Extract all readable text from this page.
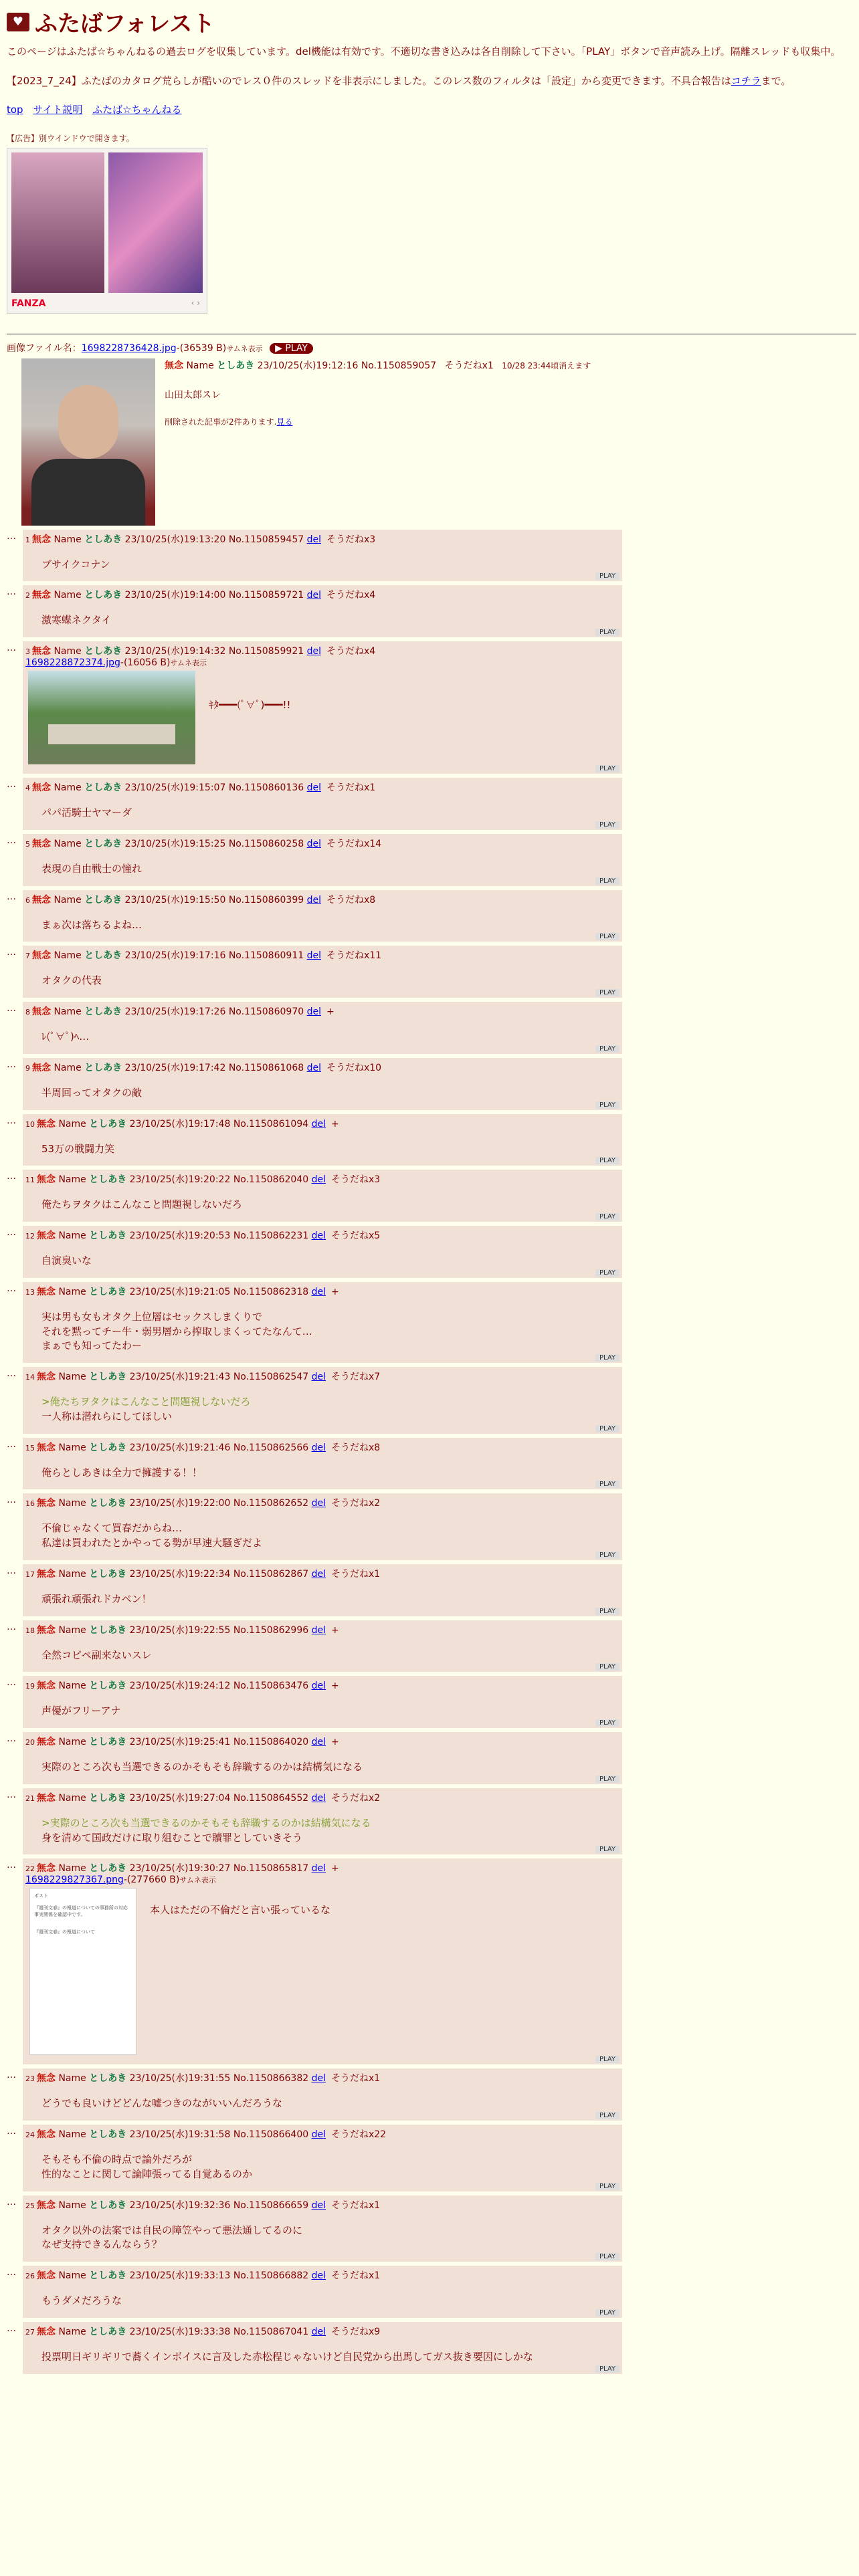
♥ ふたばフォレスト

このページはふたば☆ちゃんねるの過去ログを収集しています。del機能は有効です。不適切な書き込みは各自削除して下さい。「PLAY」ボタンで音声読み上げ。隔離スレッドも収集中。

【2023_7_24】ふたばのカタログ荒らしが酷いのでレス０件のスレッドを非表示にしました。このレス数のフィルタは「設定」から変更できます。不具合報告はコチラまで。

top サイト説明 ふたば☆ちゃんねる
【広告】別ウインドウで開きます。
FANZA	‹ ›
画像ファイル名：1698228736428.jpg-(36539 B)サムネ表示 ▶ PLAY
無念 Name としあき 23/10/25(水)19:12:16 No.1150859057 そうだねx1 10/28 23:44頃消えます
山田太郎スレ
削除された記事が2件あります.見る
…	1 無念 Name としあき 23/10/25(水)19:13:20 No.1150859457 del そうだねx3
ブサイクコナン
PLAY
…	2 無念 Name としあき 23/10/25(水)19:14:00 No.1150859721 del そうだねx4
激寒蝶ネクタイ
PLAY
…	3 無念 Name としあき 23/10/25(水)19:14:32 No.1150859921 del そうだねx4
1698228872374.jpg-(16056 B)サムネ表示
ｷﾀ━━━(ﾟ∀ﾟ)━━━!!
PLAY
…	4 無念 Name としあき 23/10/25(水)19:15:07 No.1150860136 del そうだねx1
パパ活騎士ヤマーダ
PLAY
…	5 無念 Name としあき 23/10/25(水)19:15:25 No.1150860258 del そうだねx14
表現の自由戦士の憧れ
PLAY
…	6 無念 Name としあき 23/10/25(水)19:15:50 No.1150860399 del そうだねx8
まぁ次は落ちるよね…
PLAY
…	7 無念 Name としあき 23/10/25(水)19:17:16 No.1150860911 del そうだねx11
オタクの代表
PLAY
…	8 無念 Name としあき 23/10/25(水)19:17:26 No.1150860970 del +
ﾚ(ﾟ∀ﾟ)ﾍ…
PLAY
…	9 無念 Name としあき 23/10/25(水)19:17:42 No.1150861068 del そうだねx10
半周回ってオタクの敵
PLAY
…	10 無念 Name としあき 23/10/25(水)19:17:48 No.1150861094 del +
53万の戦闘力笑
PLAY
…	11 無念 Name としあき 23/10/25(水)19:20:22 No.1150862040 del そうだねx3
俺たちヲタクはこんなこと問題視しないだろ
PLAY
…	12 無念 Name としあき 23/10/25(水)19:20:53 No.1150862231 del そうだねx5
自演臭いな
PLAY
…	13 無念 Name としあき 23/10/25(水)19:21:05 No.1150862318 del +
実は男も女もオタク上位層はセックスしまくりで
それを黙ってチー牛・弱男層から搾取しまくってたなんて…
まぁでも知ってたわー
PLAY
…	14 無念 Name としあき 23/10/25(水)19:21:43 No.1150862547 del そうだねx7
>俺たちヲタクはこんなこと問題視しないだろ
一人称は潜れらにしてほしい
PLAY
…	15 無念 Name としあき 23/10/25(水)19:21:46 No.1150862566 del そうだねx8
俺らとしあきは全力で擁護する！！
PLAY
…	16 無念 Name としあき 23/10/25(水)19:22:00 No.1150862652 del そうだねx2
不倫じゃなくて買春だからね…
私達は買われたとかやってる勢が早速大騒ぎだよ
PLAY
…	17 無念 Name としあき 23/10/25(水)19:22:34 No.1150862867 del そうだねx1
頑張れ頑張れドカベン！
PLAY
…	18 無念 Name としあき 23/10/25(水)19:22:55 No.1150862996 del +
全然コピペ副来ないスレ
PLAY
…	19 無念 Name としあき 23/10/25(水)19:24:12 No.1150863476 del +
声優がフリーアナ
PLAY
…	20 無念 Name としあき 23/10/25(水)19:25:41 No.1150864020 del +
実際のところ次も当選できるのかそもそも辞職するのかは結構気になる
PLAY
…	21 無念 Name としあき 23/10/25(水)19:27:04 No.1150864552 del そうだねx2
>実際のところ次も当選できるのかそもそも辞職するのかは結構気になる
身を清めて国政だけに取り組むことで贖罪としていきそう
PLAY
…	22 無念 Name としあき 23/10/25(水)19:30:27 No.1150865817 del +
1698229827367.png-(277660 B)サムネ表示
ポスト

『週刊文春』の報道についての事務所の対応
事実関係を確認中です。

『週刊文春』の報道について
本人はただの不倫だと言い張っているな
PLAY
…	23 無念 Name としあき 23/10/25(水)19:31:55 No.1150866382 del そうだねx1
どうでも良いけどどんな嘘つきのながいいんだろうな
PLAY
…	24 無念 Name としあき 23/10/25(水)19:31:58 No.1150866400 del そうだねx22
そもそも不倫の時点で論外だろが
性的なことに関して論陣張ってる自覚あるのか
PLAY
…	25 無念 Name としあき 23/10/25(水)19:32:36 No.1150866659 del そうだねx1
オタク以外の法案では自民の障笠やって悪法通してるのに
なぜ支持できるんならう？
PLAY
…	26 無念 Name としあき 23/10/25(水)19:33:13 No.1150866882 del そうだねx1
もうダメだろうな
PLAY
…	27 無念 Name としあき 23/10/25(水)19:33:38 No.1150867041 del そうだねx9
投票明日ギリギリで蕎くインボイスに言及した赤松程じゃないけど自民党から出馬してガス抜き要因にしかな
PLAY
